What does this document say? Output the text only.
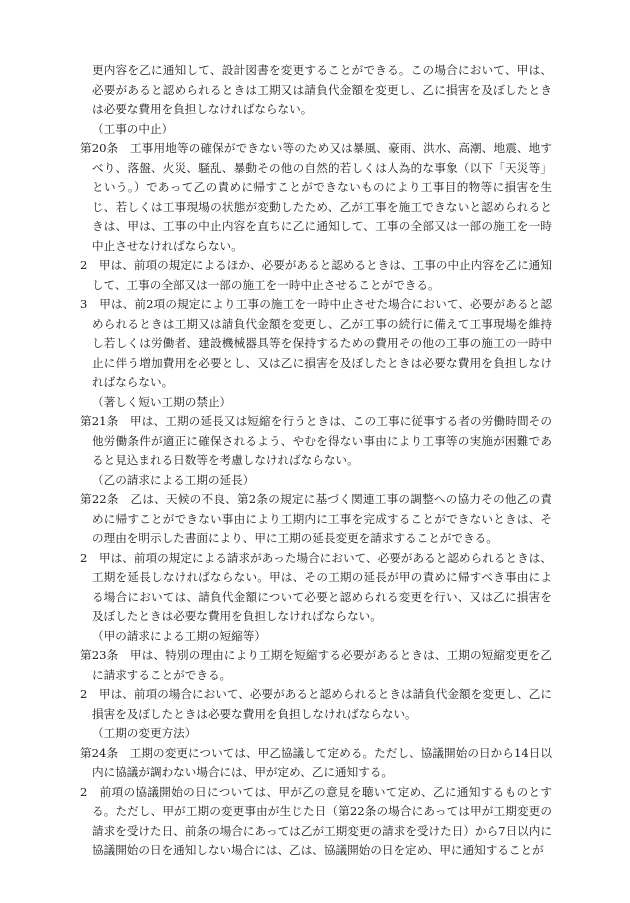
更内容を乙に通知して、設計図書を変更することができる。この場合において、甲は、必要があると認められるときは工期又は請負代金額を変更し、乙に損害を及ぼしたときは必要な費用を負担しなければならない。

（工事の中止）

第20条　工事用地等の確保ができない等のため又は暴風、豪雨、洪水、高潮、地震、地すべり、落盤、火災、騒乱、暴動その他の自然的若しくは人為的な事象（以下「天災等」という。）であって乙の責めに帰すことができないものにより工事目的物等に損害を生じ、若しくは工事現場の状態が変動したため、乙が工事を施工できないと認められるときは、甲は、工事の中止内容を直ちに乙に通知して、工事の全部又は一部の施工を一時中止させなければならない。

2　甲は、前項の規定によるほか、必要があると認めるときは、工事の中止内容を乙に通知して、工事の全部又は一部の施工を一時中止させることができる。

3　甲は、前2項の規定により工事の施工を一時中止させた場合において、必要があると認められるときは工期又は請負代金額を変更し、乙が工事の続行に備えて工事現場を維持し若しくは労働者、建設機械器具等を保持するための費用その他の工事の施工の一時中止に伴う増加費用を必要とし、又は乙に損害を及ぼしたときは必要な費用を負担しなければならない。

（著しく短い工期の禁止）

第21条　甲は、工期の延長又は短縮を行うときは、この工事に従事する者の労働時間その他労働条件が適正に確保されるよう、やむを得ない事由により工事等の実施が困難であると見込まれる日数等を考慮しなければならない。

（乙の請求による工期の延長）

第22条　乙は、天候の不良、第2条の規定に基づく関連工事の調整への協力その他乙の責めに帰すことができない事由により工期内に工事を完成することができないときは、その理由を明示した書面により、甲に工期の延長変更を請求することができる。

2　甲は、前項の規定による請求があった場合において、必要があると認められるときは、工期を延長しなければならない。甲は、その工期の延長が甲の責めに帰すべき事由による場合においては、請負代金額について必要と認められる変更を行い、又は乙に損害を及ぼしたときは必要な費用を負担しなければならない。

（甲の請求による工期の短縮等）

第23条　甲は、特別の理由により工期を短縮する必要があるときは、工期の短縮変更を乙に請求することができる。

2　甲は、前項の場合において、必要があると認められるときは請負代金額を変更し、乙に損害を及ぼしたときは必要な費用を負担しなければならない。

（工期の変更方法）

第24条　工期の変更については、甲乙協議して定める。ただし、協議開始の日から14日以内に協議が調わない場合には、甲が定め、乙に通知する。

2　前項の協議開始の日については、甲が乙の意見を聴いて定め、乙に通知するものとする。ただし、甲が工期の変更事由が生じた日（第22条の場合にあっては甲が工期変更の請求を受けた日、前条の場合にあっては乙が工期変更の請求を受けた日）から7日以内に協議開始の日を通知しない場合には、乙は、協議開始の日を定め、甲に通知することが
